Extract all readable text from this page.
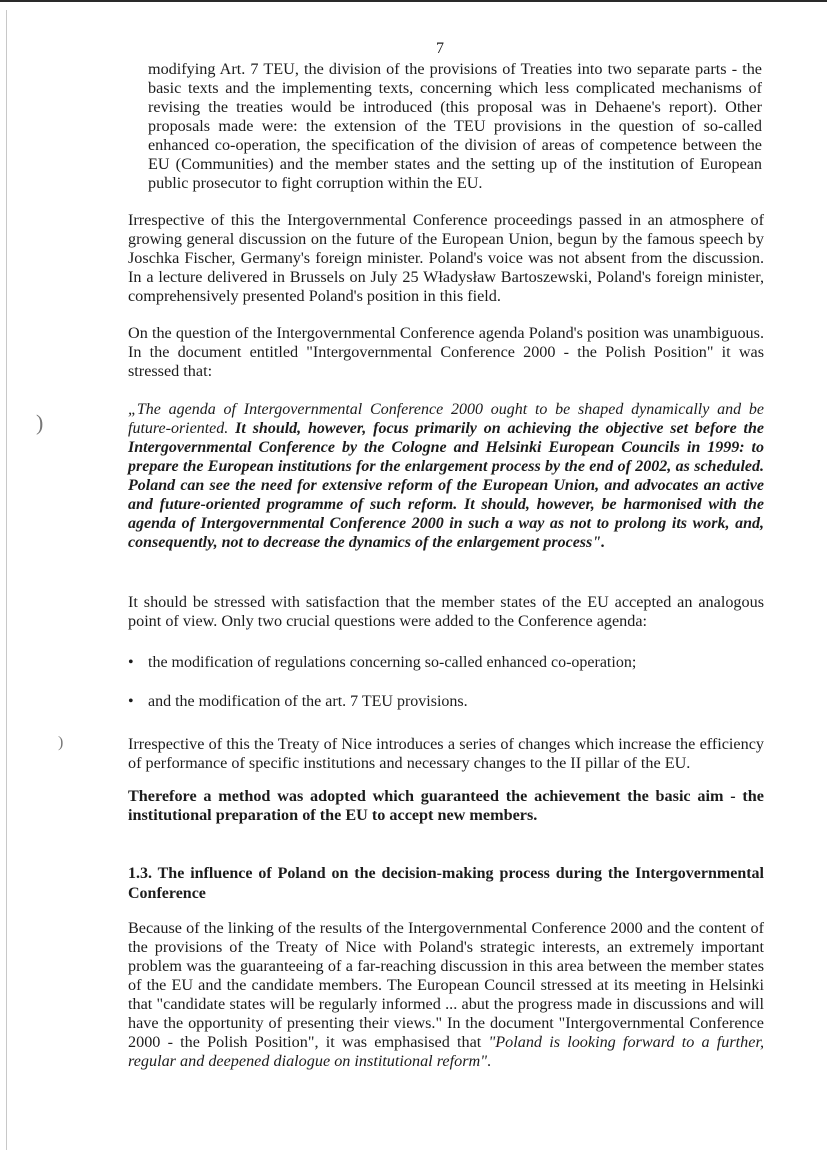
)
)
7

modifying Art. 7 TEU, the division of the provisions of Treaties into two separate parts - the basic texts and the implementing texts, concerning which less complicated mechanisms of revising the treaties would be introduced (this proposal was in Dehaene's report). Other proposals made were: the extension of the TEU provisions in the question of so-called enhanced co-operation, the specification of the division of areas of competence between the EU (Communities) and the member states and the setting up of the institution of European public prosecutor to fight corruption within the EU.

Irrespective of this the Intergovernmental Conference proceedings passed in an atmosphere of growing general discussion on the future of the European Union, begun by the famous speech by Joschka Fischer, Germany's foreign minister. Poland's voice was not absent from the discussion. In a lecture delivered in Brussels on July 25 Władysław Bartoszewski, Poland's foreign minister, comprehensively presented Poland's position in this field.

On the question of the Intergovernmental Conference agenda Poland's position was unambiguous. In the document entitled "Intergovernmental Conference 2000 - the Polish Position" it was stressed that:

„The agenda of Intergovernmental Conference 2000 ought to be shaped dynamically and be future-oriented. It should, however, focus primarily on achieving the objective set before the Intergovernmental Conference by the Cologne and Helsinki European Councils in 1999: to prepare the European institutions for the enlargement process by the end of 2002, as scheduled. Poland can see the need for extensive reform of the European Union, and advocates an active and future-oriented programme of such reform. It should, however, be harmonised with the agenda of Intergovernmental Conference 2000 in such a way as not to prolong its work, and, consequently, not to decrease the dynamics of the enlargement process".

It should be stressed with satisfaction that the member states of the EU accepted an analogous point of view. Only two crucial questions were added to the Conference agenda:

• the modification of regulations concerning so-called enhanced co-operation;
• and the modification of the art. 7 TEU provisions.

Irrespective of this the Treaty of Nice introduces a series of changes which increase the efficiency of performance of specific institutions and necessary changes to the II pillar of the EU.

Therefore a method was adopted which guaranteed the achievement the basic aim - the institutional preparation of the EU to accept new members.

1.3. The influence of Poland on the decision-making process during the Intergovernmental Conference

Because of the linking of the results of the Intergovernmental Conference 2000 and the content of the provisions of the Treaty of Nice with Poland's strategic interests, an extremely important problem was the guaranteeing of a far-reaching discussion in this area between the member states of the EU and the candidate members. The European Council stressed at its meeting in Helsinki that "candidate states will be regularly informed ... abut the progress made in discussions and will have the opportunity of presenting their views." In the document "Intergovernmental Conference 2000 - the Polish Position", it was emphasised that "Poland is looking forward to a further, regular and deepened dialogue on institutional reform".
